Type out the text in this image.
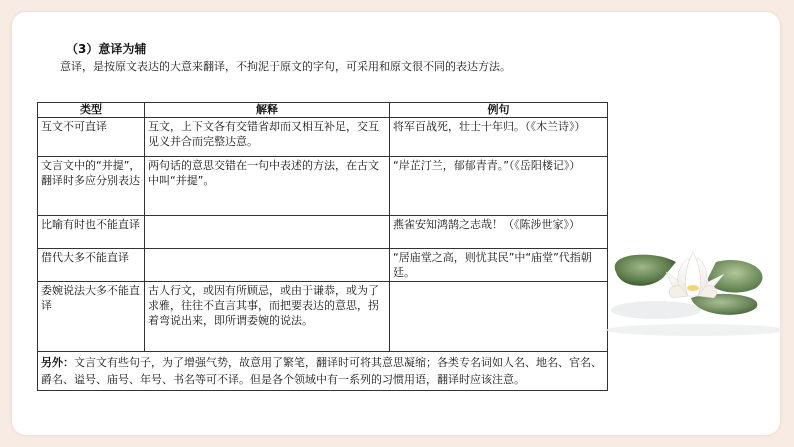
（3）意译为辅
意译，是按原文表达的大意来翻译，不拘泥于原文的字句，可采用和原文很不同的表达方法。
类型	解释	例句
互文不可直译	互文，上下文各有交错省却而又相互补足，交互见义并合而完整达意。	将军百战死，壮士十年归。（《木兰诗》）
文言文中的“并提”，翻译时多应分别表达	两句话的意思交错在一句中表述的方法，在古文中叫“并提”。	“岸芷汀兰，郁郁青青。”（《岳阳楼记》）
比喻有时也不能直译		燕雀安知鸿鹄之志哉！（《陈涉世家》）
借代大多不能直译		“居庙堂之高，则忧其民”中“庙堂”代指朝廷。
委婉说法大多不能直译	古人行文，或因有所顾忌，或由于谦恭，或为了求雅，往往不直言其事，而把要表达的意思，拐着弯说出来，即所谓委婉的说法。	
另外：文言文有些句子，为了增强气势，故意用了繁笔，翻译时可将其意思凝缩；各类专名词如人名、地名、官名、爵名、谥号、庙号、年号、书名等可不译。但是各个领域中有一系列的习惯用语，翻译时应该注意。		
